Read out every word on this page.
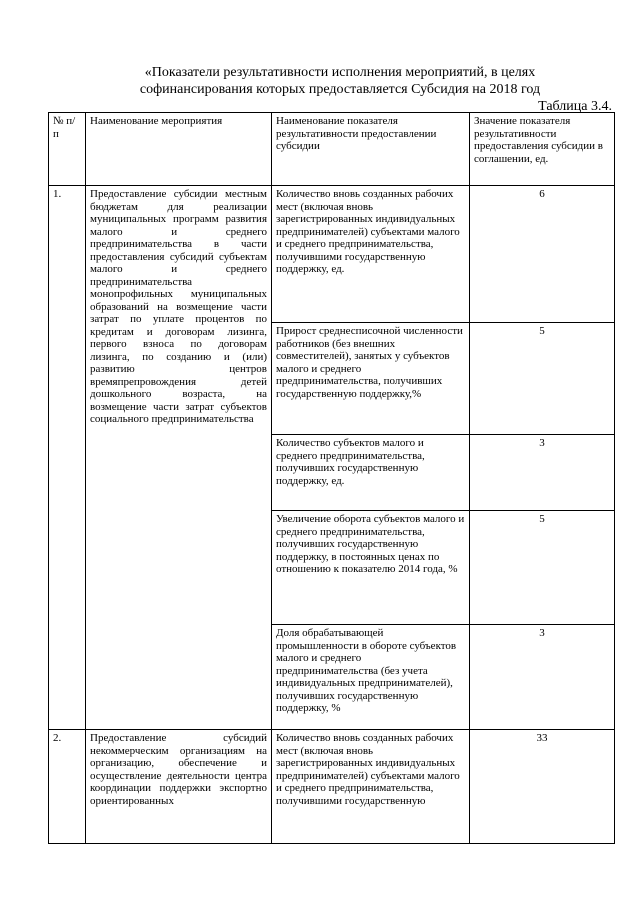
«Показатели результативности исполнения мероприятий, в целях
софинансирования которых предоставляется Субсидия на 2018 год
Таблица 3.4.
№ п/п	Наименование мероприятия	Наименование показателя результативности предоставлении субсидии	Значение показателя результативности предоставления субсидии в соглашении, ед.
1.	Предоставление субсидии местным бюджетам для реализации муниципальных программ развития малого и среднего предпринимательства в части предоставления субсидий субъектам малого и среднего предпринимательства монопрофильных муниципальных образований на возмещение части затрат по уплате процентов по кредитам и договорам лизинга, первого взноса по договорам лизинга, по созданию и (или) развитию центров времяпрепровождения детей дошкольного возраста, на возмещение части затрат субъектов социального предпринимательства	Количество вновь созданных рабочих мест (включая вновь зарегистрированных индивидуальных предпринимателей) субъектами малого и среднего предпринимательства, получившими государственную поддержку, ед.	6
		Прирост среднесписочной численности работников (без внешних совместителей), занятых у субъектов малого и среднего предпринимательства, получивших государственную поддержку,%	5
		Количество субъектов малого и среднего предпринимательства, получивших государственную поддержку, ед.	3
		Увеличение оборота субъектов малого и среднего предпринимательства, получивших государственную поддержку, в постоянных ценах по отношению к показателю 2014 года, %	5
		Доля обрабатывающей промышленности в обороте субъектов малого и среднего предпринимательства (без учета индивидуальных предпринимателей), получивших государственную поддержку, %	3
2.	Предоставление субсидий некоммерческим организациям на организацию, обеспечение и осуществление деятельности центра координации поддержки экспортно ориентированных	Количество вновь созданных рабочих мест (включая вновь зарегистрированных индивидуальных предпринимателей) субъектами малого и среднего предпринимательства, получившими государственную	33
